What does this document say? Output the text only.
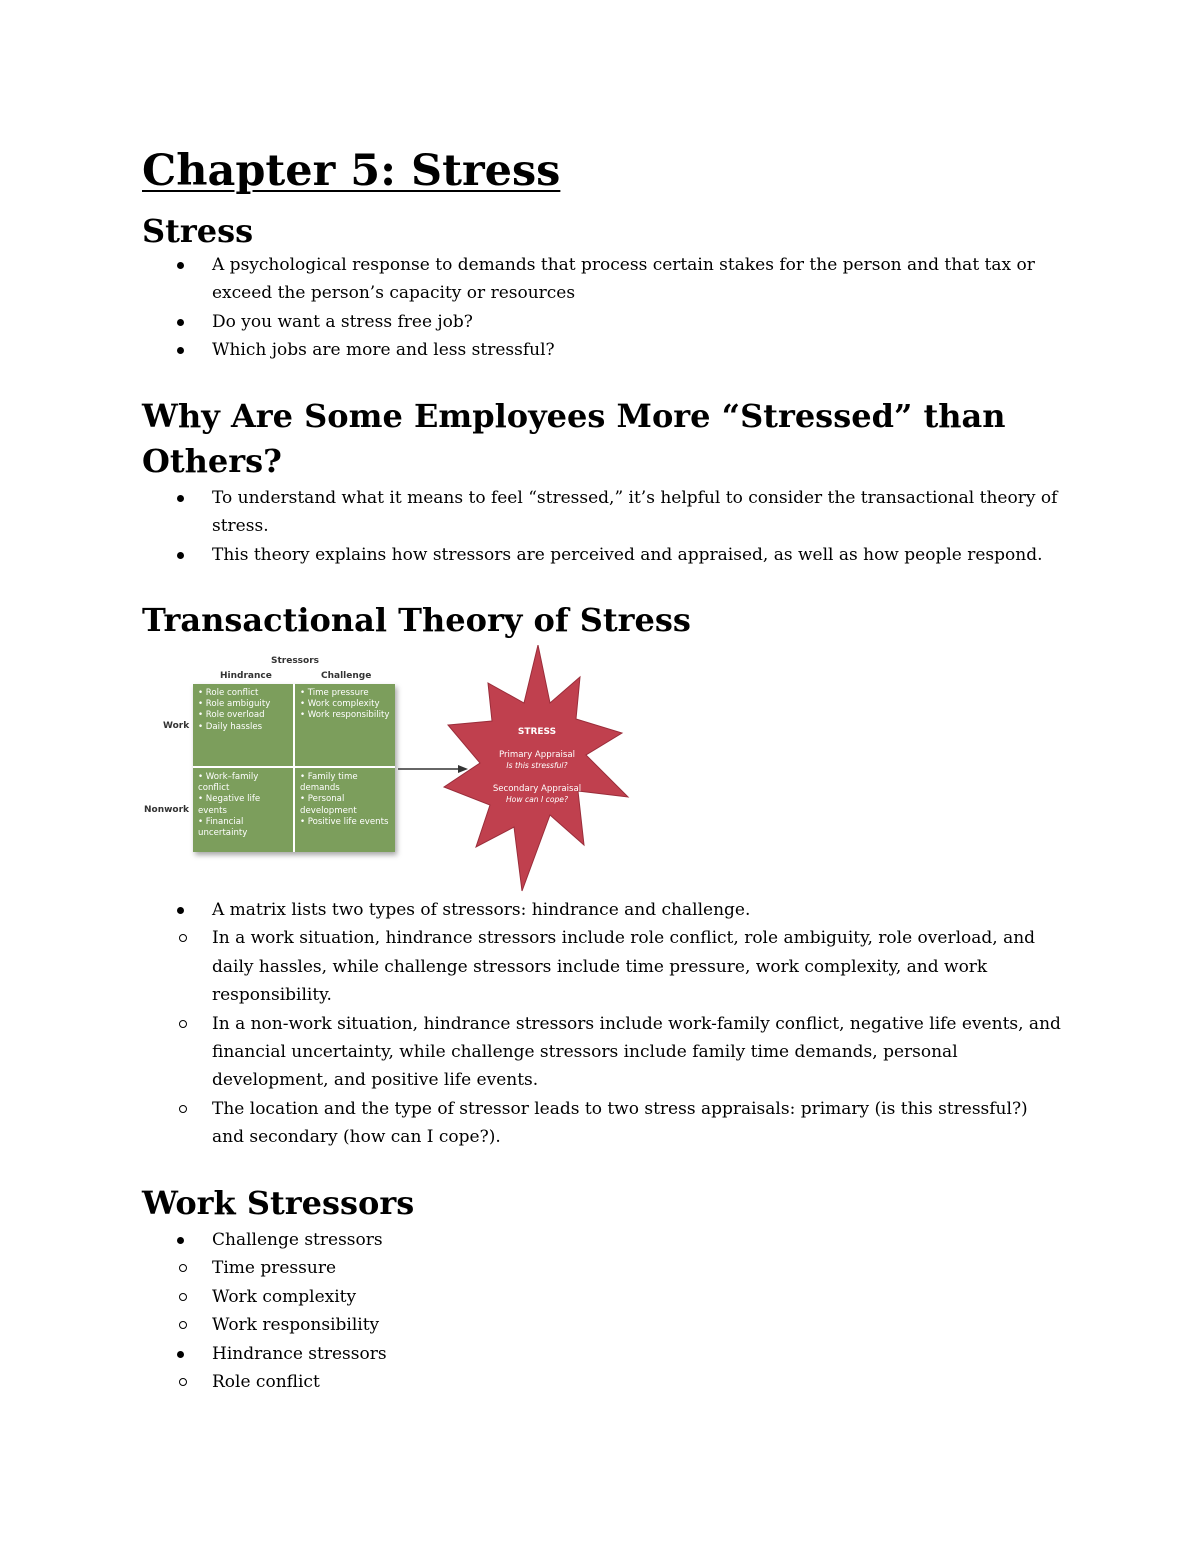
Chapter 5: Stress
Stress
A psychological response to demands that process certain stakes for the person and that tax or exceed the person’s capacity or resources
Do you want a stress free job?
Which jobs are more and less stressful?
Why Are Some Employees More “Stressed” than Others?
To understand what it means to feel “stressed,” it’s helpful to consider the transactional theory of stress.
This theory explains how stressors are perceived and appraised, as well as how people respond.
Transactional Theory of Stress
Stressors
Hindrance	Challenge
Work
Nonwork
• Role conflict
• Role ambiguity
• Role overload
• Daily hassles
• Time pressure
• Work complexity
• Work responsibility
• Work–family
conflict
• Negative life
events
• Financial
uncertainty
• Family time
demands
• Personal
development
• Positive life events
STRESS
Primary Appraisal
Is this stressful?
Secondary Appraisal
How can I cope?
A matrix lists two types of stressors: hindrance and challenge.
In a work situation, hindrance stressors include role conflict, role ambiguity, role overload, and daily hassles, while challenge stressors include time pressure, work complexity, and work responsibility.
In a non-work situation, hindrance stressors include work-family conflict, negative life events, and financial uncertainty, while challenge stressors include family time demands, personal development, and positive life events.
The location and the type of stressor leads to two stress appraisals: primary (is this stressful?) and secondary (how can I cope?).
Work Stressors
Challenge stressors
Time pressure
Work complexity
Work responsibility
Hindrance stressors
Role conflict
